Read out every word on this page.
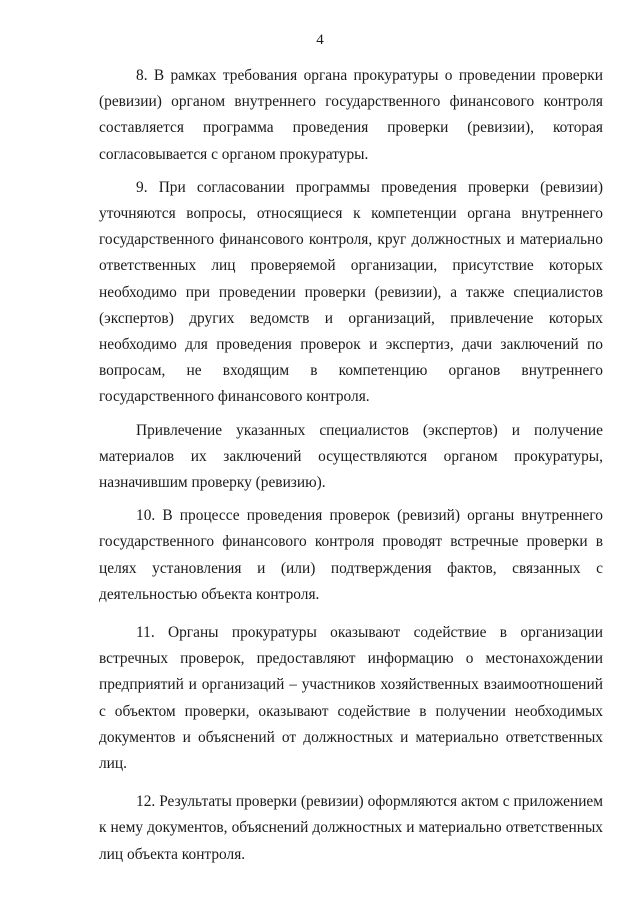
4

8. В рамках требования органа прокуратуры о проведении проверки (ревизии) органом внутреннего государственного финансового контроля составляется программа проведения проверки (ревизии), которая согласовывается с органом прокуратуры.

9. При согласовании программы проведения проверки (ревизии) уточняются вопросы, относящиеся к компетенции органа внутреннего государственного финансового контроля, круг должностных и материально ответственных лиц проверяемой организации, присутствие которых необходимо при проведении проверки (ревизии), а также специалистов (экспертов) других ведомств и организаций, привлечение которых необходимо для проведения проверок и экспертиз, дачи заключений по вопросам, не входящим в компетенцию органов внутреннего государственного финансового контроля.

Привлечение указанных специалистов (экспертов) и получение материалов их заключений осуществляются органом прокуратуры, назначившим проверку (ревизию).

10. В процессе проведения проверок (ревизий) органы внутреннего государственного финансового контроля проводят встречные проверки в целях установления и (или) подтверждения фактов, связанных с деятельностью объекта контроля.

11. Органы прокуратуры оказывают содействие в организации встречных проверок, предоставляют информацию о местонахождении предприятий и организаций – участников хозяйственных взаимоотношений с объектом проверки, оказывают содействие в получении необходимых документов и объяснений от должностных и материально ответственных лиц.

12. Результаты проверки (ревизии) оформляются актом с приложением к нему документов, объяснений должностных и материально ответственных лиц объекта контроля.
